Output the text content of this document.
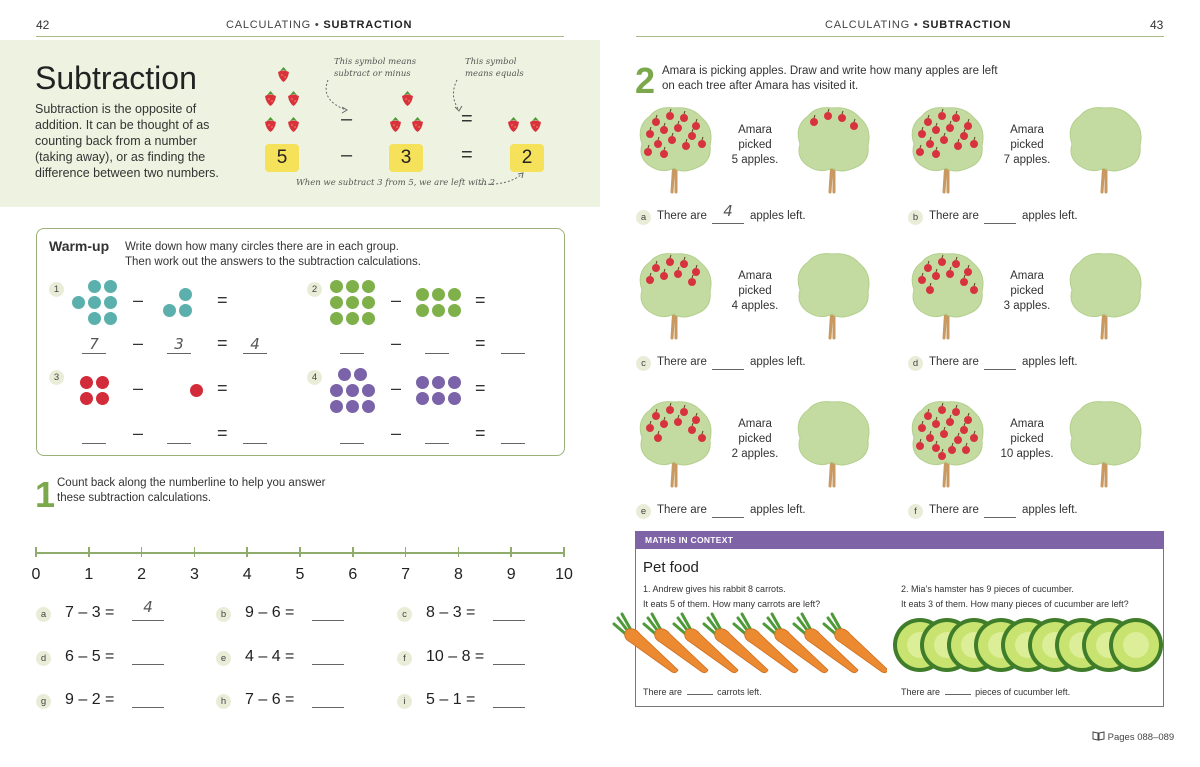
42	CALCULATING • SUBTRACTION	CALCULATING • SUBTRACTION	43
Subtraction
Subtraction is the opposite of addition. It can be thought of as counting back from a number (taking away), or as finding the difference between two numbers.
This symbol means subtract or minus
This symbol means equals
–	=
5	–	3	=	2
When we subtract 3 from 5, we are left with 2
Warm-up Write down how many circles there are in each group.
Then work out the answers to the subtraction calculations.
1
–	=
7	3	4
–	=
2
–	=
–	=
3
–	=
–	=
4
–	=
–	=
1 Count back along the numberline to help you answer
these subtraction calculations.
0	1	2	3	4	5	6	7	8	9	10
a	7 – 3 =	4	b	9 – 6 =	c	8 – 3 =
d	6 – 5 =	e	4 – 4 =	f	10 – 8 =
g	9 – 2 =	h	7 – 6 =	i	5 – 1 =
2 Amara is picking apples. Draw and write how many apples are left
on each tree after Amara has visited it.
Amara
picked
5 apples.
a There are	4	apples left.
Amara
picked
7 apples.
b There are	apples left.
Amara
picked
4 apples.
c There are	apples left.
Amara
picked
3 apples.
d There are	apples left.
Amara
picked
2 apples.
e There are	apples left.
Amara
picked
10 apples.
f	There are	apples left.
MATHS IN CONTEXT
Pet food
1. Andrew gives his rabbit 8 carrots.
It eats 5 of them. How many carrots are left?
2. Mia’s hamster has 9 pieces of cucumber.
It eats 3 of them. How many pieces of cucumber are left?
There are	carrots left.	There are	pieces of cucumber left.
Pages 088–089
